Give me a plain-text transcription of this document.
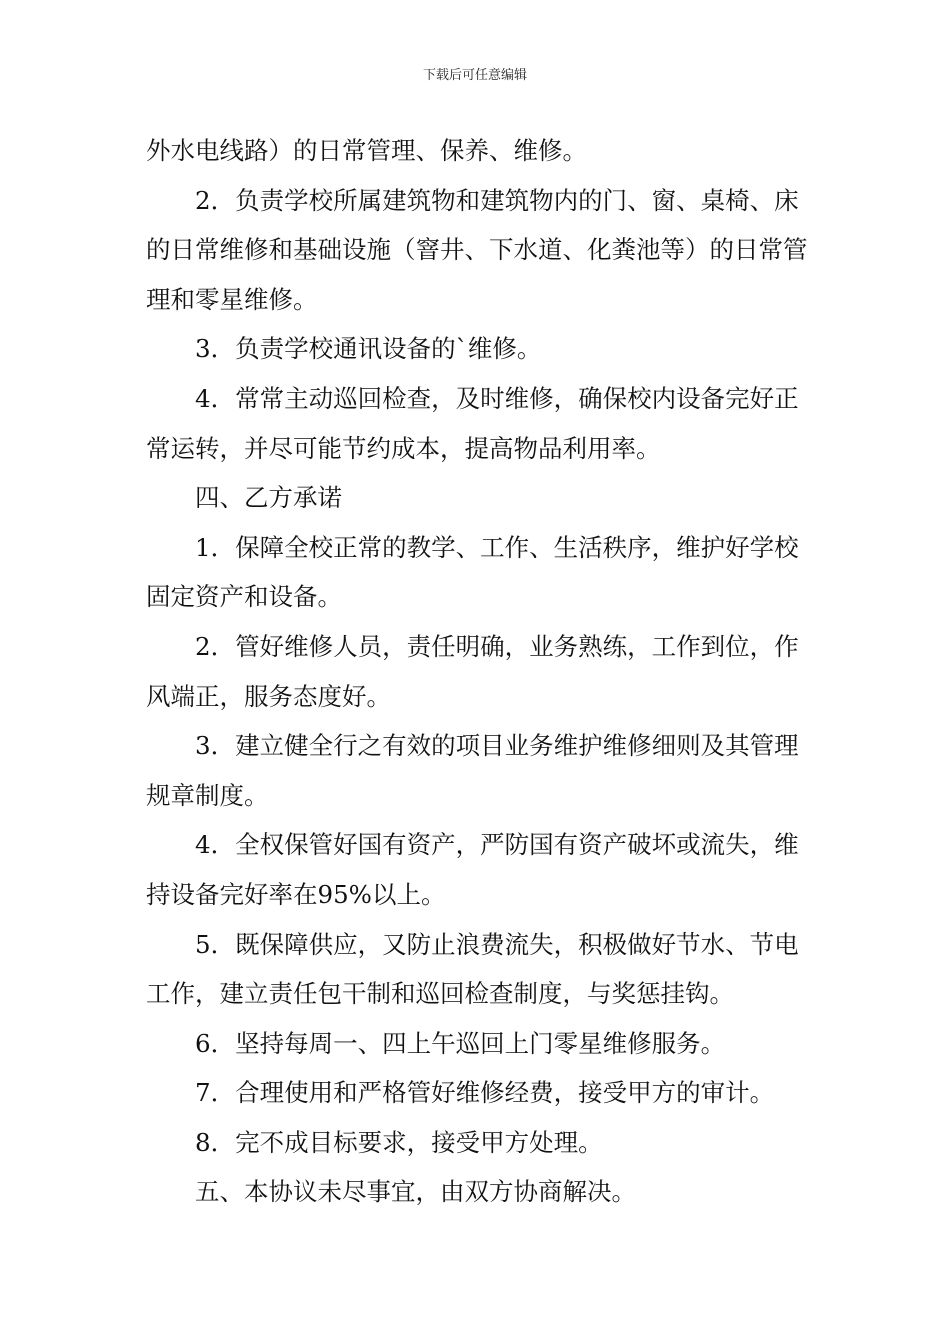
下载后可任意编辑

外水电线路）的日常管理、保养、维修。

2．负责学校所属建筑物和建筑物内的门、窗、桌椅、床的日常维修和基础设施（窨井、下水道、化粪池等）的日常管理和零星维修。

3．负责学校通讯设备的`维修。

4．常常主动巡回检查，及时维修，确保校内设备完好正常运转，并尽可能节约成本，提高物品利用率。

四、乙方承诺

1．保障全校正常的教学、工作、生活秩序，维护好学校固定资产和设备。

2．管好维修人员，责任明确，业务熟练，工作到位，作风端正，服务态度好。

3．建立健全行之有效的项目业务维护维修细则及其管理规章制度。

4．全权保管好国有资产，严防国有资产破坏或流失，维持设备完好率在95%以上。

5．既保障供应，又防止浪费流失，积极做好节水、节电工作，建立责任包干制和巡回检查制度，与奖惩挂钩。

6．坚持每周一、四上午巡回上门零星维修服务。

7．合理使用和严格管好维修经费，接受甲方的审计。

8．完不成目标要求，接受甲方处理。

五、本协议未尽事宜，由双方协商解决。
